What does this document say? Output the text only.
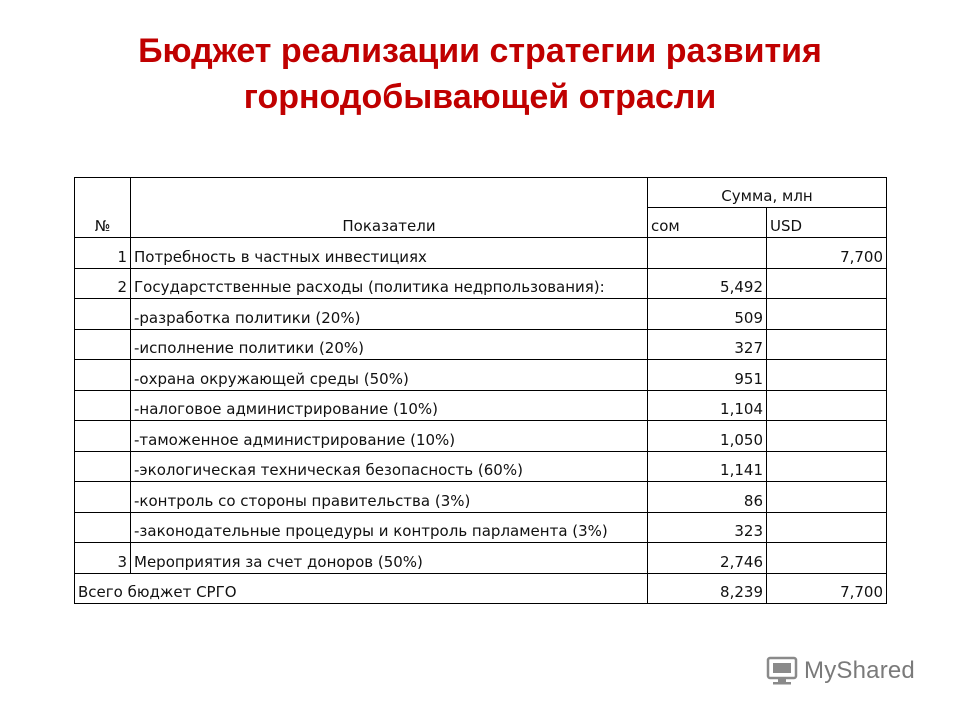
Бюджет реализации стратегии развития
горнодобывающей отрасли
№	Показатели	Сумма, млн	
		сом	USD
1	Потребность в частных инвестициях		7,700
2	Государстственные расходы (политика недрпользования):	5,492	
	-разработка политики (20%)	509	
	-исполнение политики (20%)	327	
	-охрана окружающей среды (50%)	951	
	-налоговое администрирование (10%)	1,104	
	-таможенное администрирование (10%)	1,050	
	-экологическая техническая безопасность (60%)	1,141	
	-контроль со стороны правительства (3%)	86	
	-законодательные процедуры и контроль парламента (3%)	323	
3	Мероприятия за счет доноров (50%)	2,746	
Всего бюджет СРГО		8,239	7,700
MyShared
